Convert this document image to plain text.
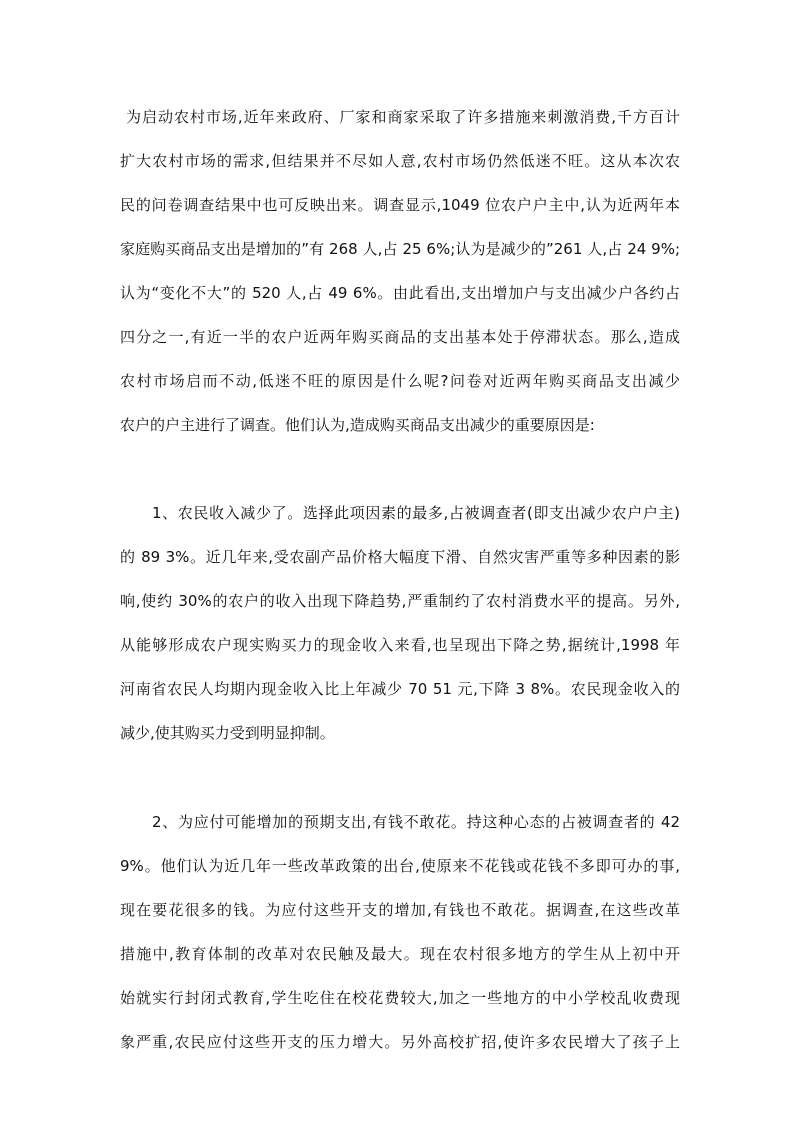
为启动农村市场,近年来政府、厂家和商家采取了许多措施来刺激消费,千方百计
扩大农村市场的需求,但结果并不尽如人意,农村市场仍然低迷不旺。这从本次农
民的问卷调查结果中也可反映出来。调查显示,1049 位农户户主中,认为近两年本
家庭购买商品支出是增加的”有 268 人,占 25 6%;认为是减少的”261 人,占 24 9%;
认为“变化不大”的 520 人,占 49 6%。由此看出,支出增加户与支出减少户各约占
四分之一,有近一半的农户近两年购买商品的支出基本处于停滞状态。那么,造成
农村市场启而不动,低迷不旺的原因是什么呢?问卷对近两年购买商品支出减少
农户的户主进行了调查。他们认为,造成购买商品支出减少的重要原因是:
1、农民收入减少了。选择此项因素的最多,占被调查者(即支出减少农户户主)
的 89 3%。近几年来,受农副产品价格大幅度下滑、自然灾害严重等多种因素的影
响,使约 30%的农户的收入出现下降趋势,严重制约了农村消费水平的提高。另外,
从能够形成农户现实购买力的现金收入来看,也呈现出下降之势,据统计,1998 年
河南省农民人均期内现金收入比上年减少 70 51 元,下降 3 8%。农民现金收入的
减少,使其购买力受到明显抑制。
2、为应付可能增加的预期支出,有钱不敢花。持这种心态的占被调查者的 42
9%。他们认为近几年一些改革政策的出台,使原来不花钱或花钱不多即可办的事,
现在要花很多的钱。为应付这些开支的增加,有钱也不敢花。据调查,在这些改革
措施中,教育体制的改革对农民触及最大。现在农村很多地方的学生从上初中开
始就实行封闭式教育,学生吃住在校花费较大,加之一些地方的中小学校乱收费现
象严重,农民应付这些开支的压力增大。另外高校扩招,使许多农民增大了孩子上
